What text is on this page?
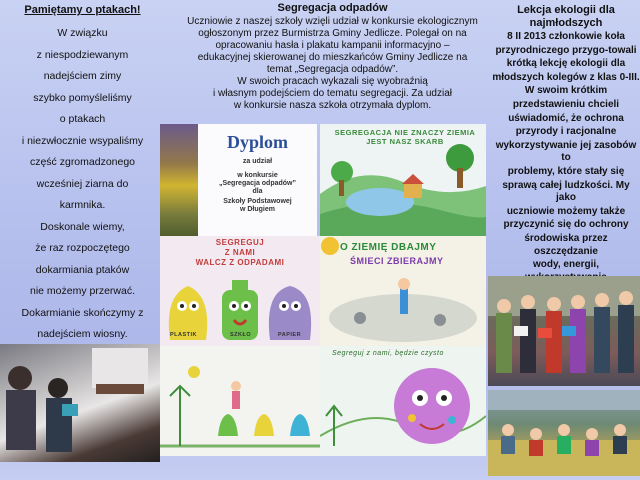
Pamiętamy o ptakach!
W związku
z niespodziewanym
nadejściem zimy
szybko pomyśleliśmy
o ptakach
i niezwłocznie wsypaliśmy
część zgromadzonego
wcześniej ziarna do
karmnika.
Doskonale wiemy,
że raz rozpoczętego
dokarmiania ptaków
nie możemy przerwać.
Dokarmianie skończymy z
nadejściem wiosny.
Segregacja odpadów
Uczniowie z naszej szkoły wzięli udział w konkursie ekologicznym
ogłoszonym przez Burmistrza Gminy Jedlicze. Polegał on na
opracowaniu hasła i plakatu kampanii informacyjno –
edukacyjnej skierowanej do mieszkańców Gminy Jedlicze na
temat „Segregacja odpadów”.
W swoich pracach wykazali się wyobraźnią
i własnym podejściem do tematu segregacji. Za udział
w konkursie nasza szkoła otrzymała dyplom.
Lekcja ekologii dla
najmłodszych
8 II 2013 członkowie koła
przyrodniczego przygo-towali
krótką lekcję ekologii dla
młodszych kolegów z klas 0-III.
W swoim krótkim
przedstawieniu chcieli
uświadomić, że ochrona
przyrody i racjonalne
wykorzystywanie jej zasobów to
problemy, które stały się
sprawą całej ludzkości. My jako
uczniowie możemy także
przyczynić się do ochrony
środowiska przez oszczędzanie
wody, energii,
Dyplom
za udział
w konkursie
„Segregacja odpadów”
dla
Szkoły Podstawowej
w Długiem
SEGREGACJA NIE ZNACZY ZIEMIA JEST NASZ SKARB
SEGREGUJ
Z NAMI
WALCZ Z ODPADAMI
PLASTIK	SZKŁO	PAPIER
O ZIEMIĘ DBAJMY
ŚMIECI ZBIERAJMY
Segreguj z nami, będzie czysto
